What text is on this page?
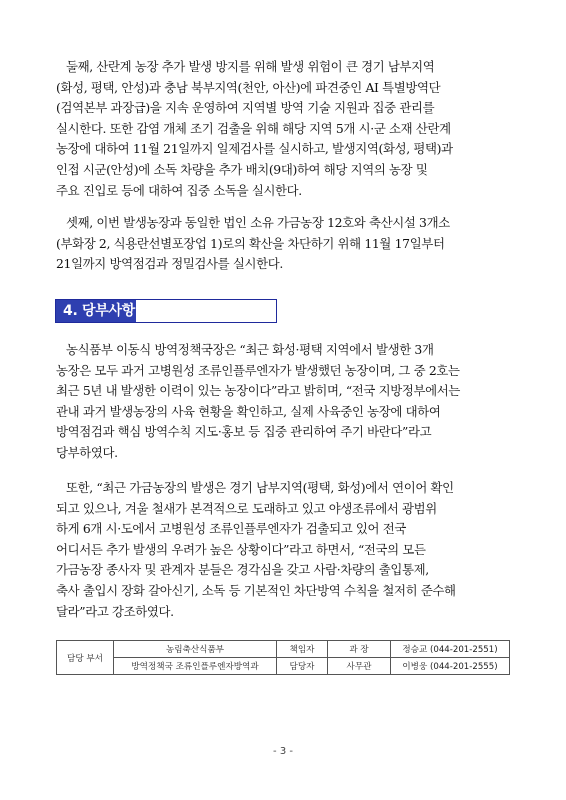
둘째, 산란계 농장 추가 발생 방지를 위해 발생 위험이 큰 경기 남부지역
(화성, 평택, 안성)과 충남 북부지역(천안, 아산)에 파견중인 AI 특별방역단
(검역본부 과장급)을 지속 운영하여 지역별 방역 기술 지원과 집중 관리를
실시한다. 또한 감염 개체 조기 검출을 위해 해당 지역 5개 시·군 소재 산란계
농장에 대하여 11월 21일까지 일제검사를 실시하고, 발생지역(화성, 평택)과
인접 시군(안성)에 소독 차량을 추가 배치(9대)하여 해당 지역의 농장 및
주요 진입로 등에 대하여 집중 소독을 실시한다.

셋째, 이번 발생농장과 동일한 법인 소유 가금농장 12호와 축산시설 3개소
(부화장 2, 식용란선별포장업 1)로의 확산을 차단하기 위해 11월 17일부터
21일까지 방역점검과 정밀검사를 실시한다.

4. 당부사항

농식품부 이동식 방역정책국장은 “최근 화성·평택 지역에서 발생한 3개
농장은 모두 과거 고병원성 조류인플루엔자가 발생했던 농장이며, 그 중 2호는
최근 5년 내 발생한 이력이 있는 농장이다”라고 밝히며, “전국 지방정부에서는
관내 과거 발생농장의 사육 현황을 확인하고, 실제 사육중인 농장에 대하여
방역점검과 핵심 방역수칙 지도·홍보 등 집중 관리하여 주기 바란다”라고
당부하였다.

또한, “최근 가금농장의 발생은 경기 남부지역(평택, 화성)에서 연이어 확인
되고 있으나, 겨울 철새가 본격적으로 도래하고 있고 야생조류에서 광범위
하게 6개 시·도에서 고병원성 조류인플루엔자가 검출되고 있어 전국
어디서든 추가 발생의 우려가 높은 상황이다”라고 하면서, “전국의 모든
가금농장 종사자 및 관계자 분들은 경각심을 갖고 사람·차량의 출입통제,
축사 출입시 장화 갈아신기, 소독 등 기본적인 차단방역 수칙을 철저히 준수해
달라”라고 강조하였다.

담당 부서	농림축산식품부	책임자	과 장	정승교 (044-201-2551)
	방역정책국 조류인플루엔자방역과	담당자	사무관	이병웅 (044-201-2555)
- 3 -
